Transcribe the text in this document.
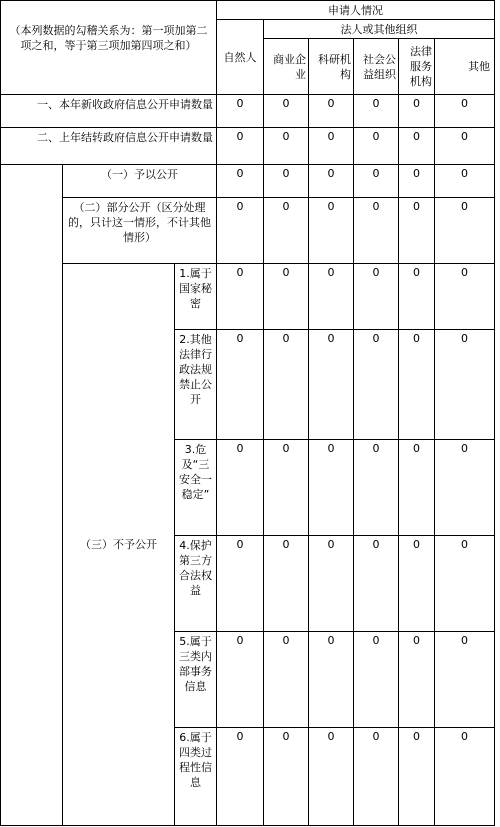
（本列数据的勾稽关系为：第一项加第二项之和，等于第三项加第四项之和）			申请人情况						
			自然人	法人或其他组织	
				商业企业	科研机构	社会公益组织	法律服务机构	其他	
一、本年新收政府信息公开申请数量			0	0	0	0	0	0	
二、上年结转政府信息公开申请数量			0	0	0	0	0	0	
	（一）予以公开		0	0	0	0	0	0	
	（二）部分公开（区分处理的，只计这一情形，不计其他情形）		0	0	0	0	0	0	
	（三）不予公开	1.属于国家秘密	0	0	0	0	0	0	
		2.其他法律行政法规禁止公开	0	0	0	0	0	0	
		3.危及“三安全一稳定”	0	0	0	0	0	0	
		4.保护第三方合法权益	0	0	0	0	0	0	
		5.属于三类内部事务信息	0	0	0	0	0	0	
		6.属于四类过程性信息	0	0	0	0	0	0	
